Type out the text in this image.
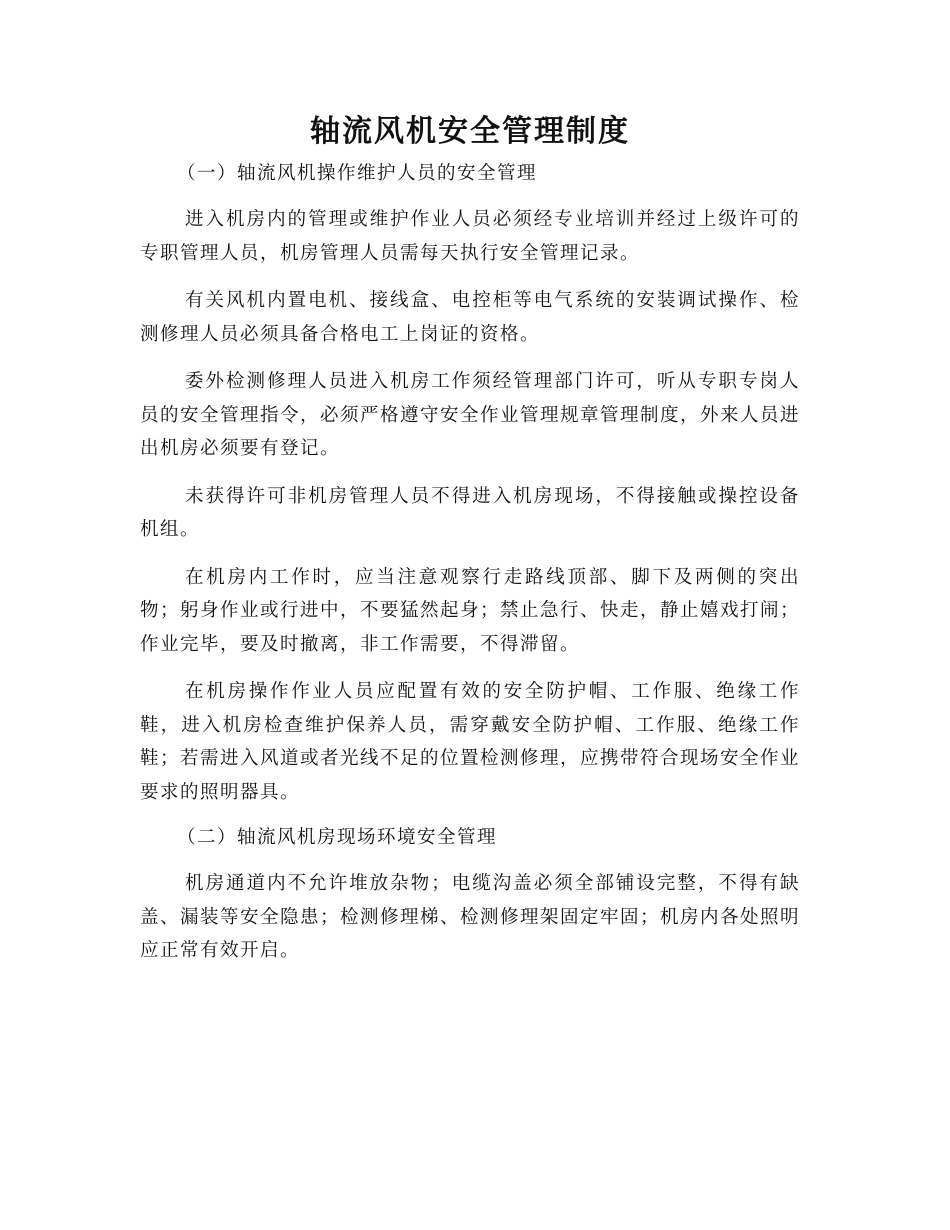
轴流风机安全管理制度

（一）轴流风机操作维护人员的安全管理

进入机房内的管理或维护作业人员必须经专业培训并经过上级许可的专职管理人员，机房管理人员需每天执行安全管理记录。

有关风机内置电机、接线盒、电控柜等电气系统的安装调试操作、检测修理人员必须具备合格电工上岗证的资格。

委外检测修理人员进入机房工作须经管理部门许可，听从专职专岗人员的安全管理指令，必须严格遵守安全作业管理规章管理制度，外来人员进出机房必须要有登记。

未获得许可非机房管理人员不得进入机房现场，不得接触或操控设备机组。

在机房内工作时，应当注意观察行走路线顶部、脚下及两侧的突出物；躬身作业或行进中，不要猛然起身；禁止急行、快走，静止嬉戏打闹；作业完毕，要及时撤离，非工作需要，不得滞留。

在机房操作作业人员应配置有效的安全防护帽、工作服、绝缘工作鞋，进入机房检查维护保养人员，需穿戴安全防护帽、工作服、绝缘工作鞋；若需进入风道或者光线不足的位置检测修理，应携带符合现场安全作业要求的照明器具。

（二）轴流风机房现场环境安全管理

机房通道内不允许堆放杂物；电缆沟盖必须全部铺设完整，不得有缺盖、漏装等安全隐患；检测修理梯、检测修理架固定牢固；机房内各处照明应正常有效开启。
